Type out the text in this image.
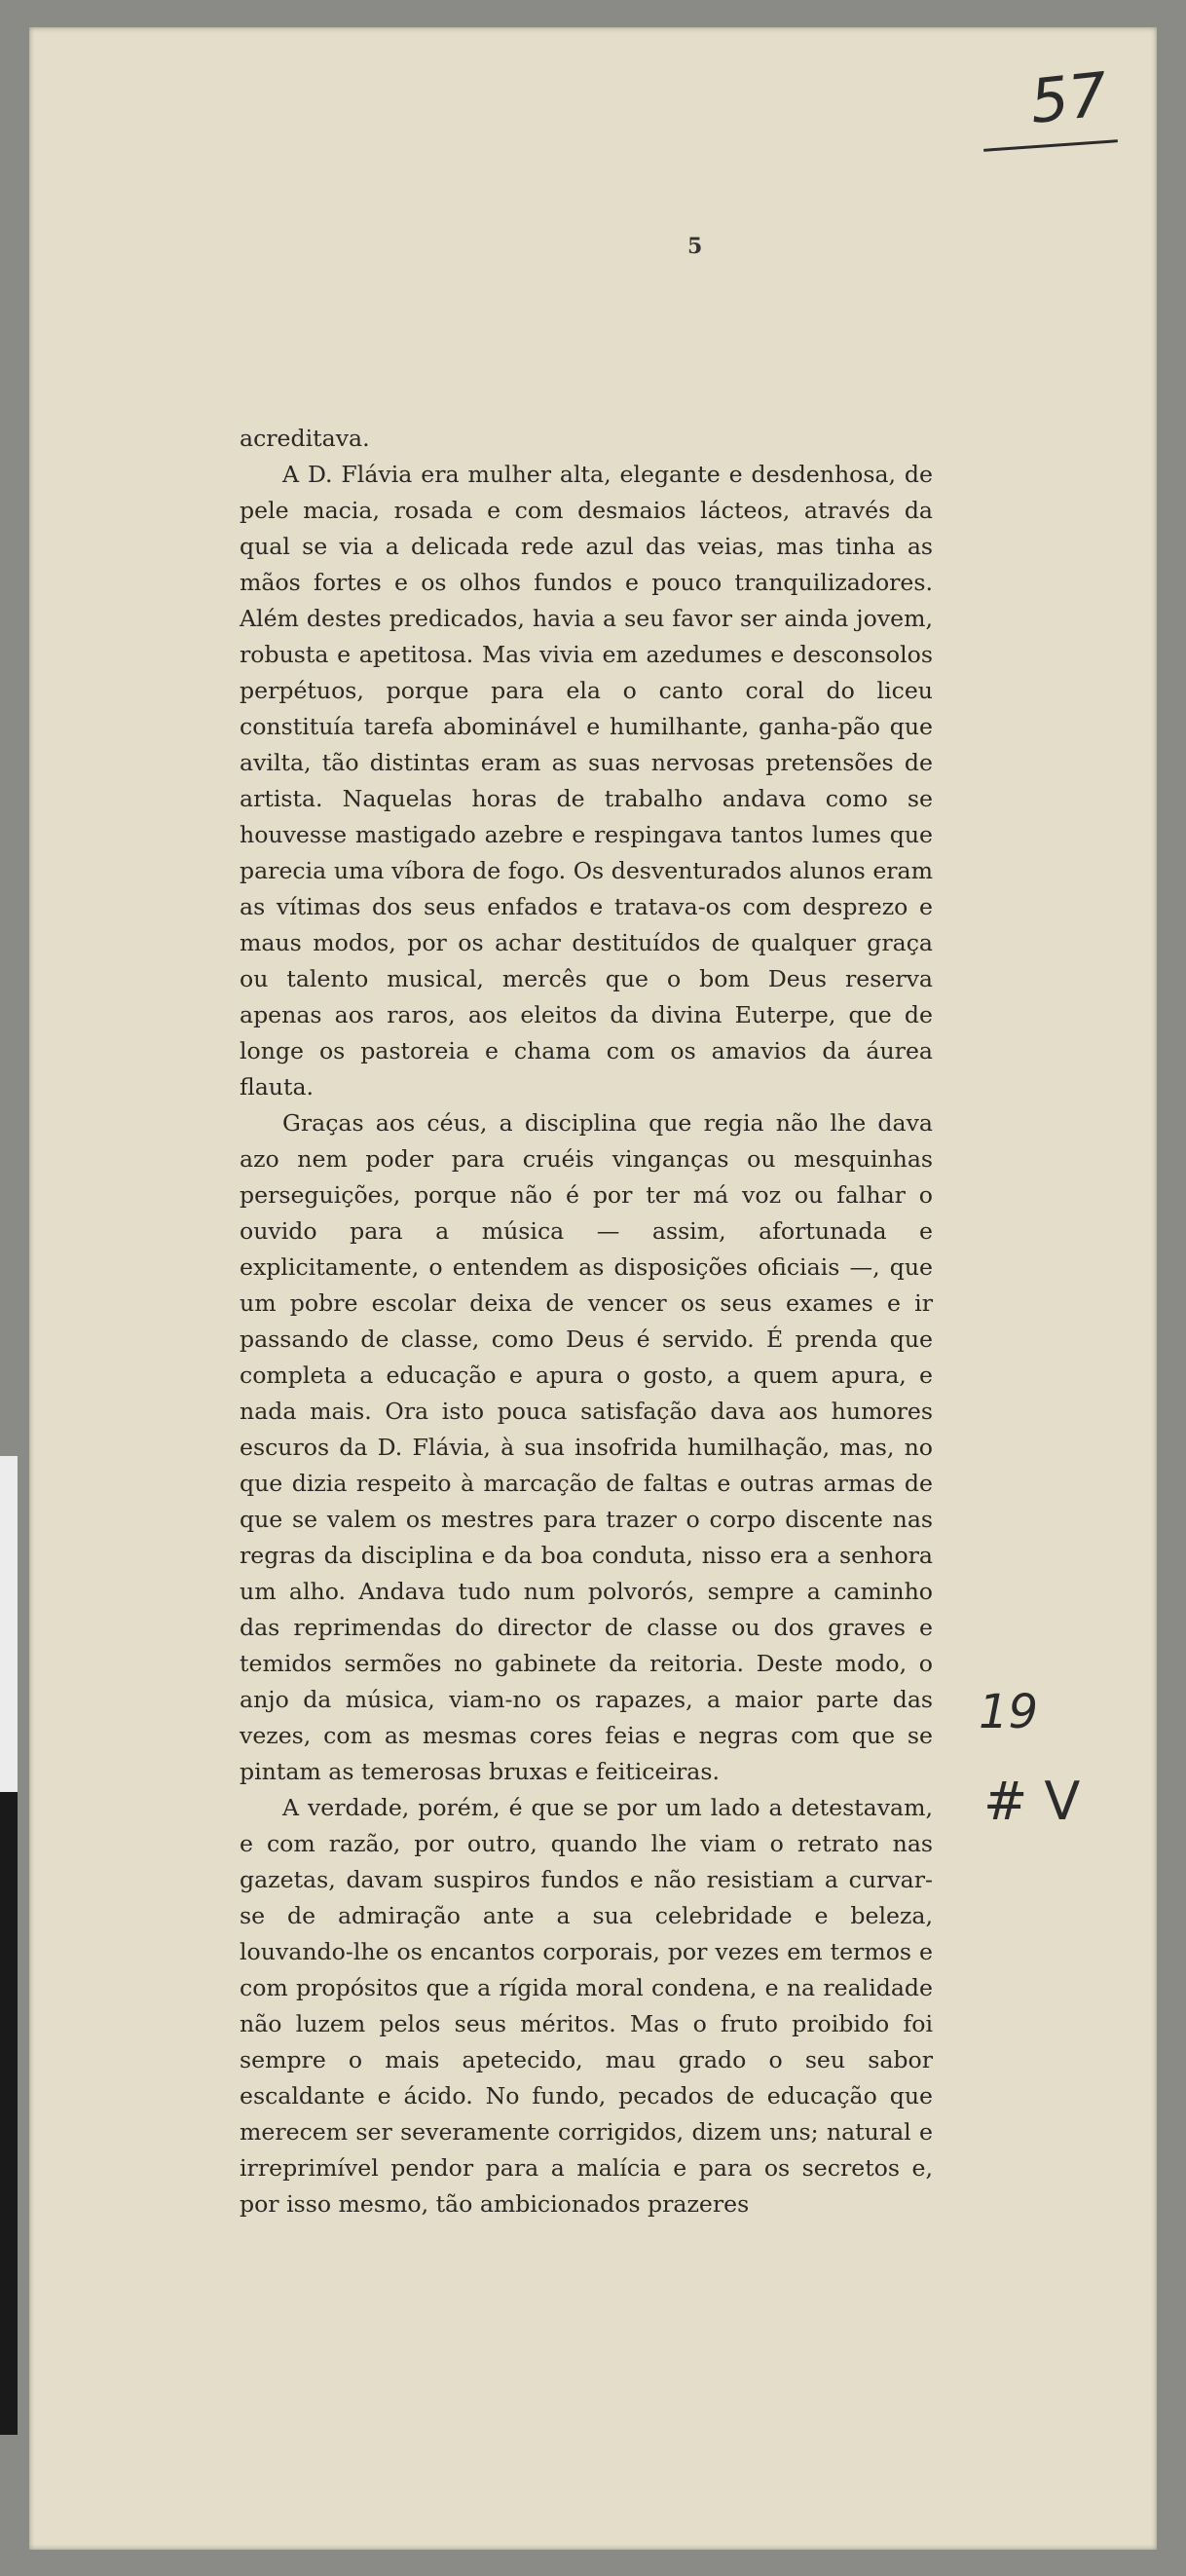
57
5

acreditava.

A D. Flávia era mulher alta, elegante e desdenhosa, de pele macia, rosada e com desmaios lácteos, através da qual se via a delicada rede azul das veias, mas tinha as mãos fortes e os olhos fundos e pouco tranquilizadores. Além destes predicados, havia a seu favor ser ainda jovem, robusta e apetitosa. Mas vivia em azedumes e desconsolos perpétuos, porque para ela o canto coral do liceu constituía tarefa abominável e humilhante, ganha-pão que avilta, tão distintas eram as suas nervosas pretensões de artista. Naquelas horas de trabalho andava como se houvesse mastigado azebre e respingava tantos lumes que parecia uma víbora de fogo. Os desventurados alunos eram as vítimas dos seus enfados e tratava-os com desprezo e maus modos, por os achar destituídos de qualquer graça ou talento musical, mercês que o bom Deus reserva apenas aos raros, aos eleitos da divina Euterpe, que de longe os pastoreia e chama com os amavios da áurea flauta.

Graças aos céus, a disciplina que regia não lhe dava azo nem poder para cruéis vinganças ou mesquinhas perseguições, porque não é por ter má voz ou falhar o ouvido para a música — assim, afortunada e explicitamente, o entendem as disposições oficiais —, que um pobre escolar deixa de vencer os seus exames e ir passando de classe, como Deus é servido. É prenda que completa a educação e apura o gosto, a quem apura, e nada mais. Ora isto pouca satisfação dava aos humores escuros da D. Flávia, à sua insofrida humilhação, mas, no que dizia respeito à marcação de faltas e outras armas de que se valem os mestres para trazer o corpo discente nas regras da disciplina e da boa conduta, nisso era a senhora um alho. Andava tudo num polvorós, sempre a caminho das reprimendas do director de classe ou dos graves e temidos sermões no gabinete da reitoria. Deste modo, o anjo da música, viam-no os rapazes, a maior parte das vezes, com as mesmas cores feias e negras com que se pintam as temerosas bruxas e feiticeiras.

A verdade, porém, é que se por um lado a detestavam, e com razão, por outro, quando lhe viam o retrato nas gazetas, davam suspiros fundos e não resistiam a curvar-se de admiração ante a sua celebridade e beleza, louvando-lhe os encantos corporais, por vezes em termos e com propósitos que a rígida moral condena, e na realidade não luzem pelos seus méritos. Mas o fruto proibido foi sempre o mais apetecido, mau grado o seu sabor escaldante e ácido. No fundo, pecados de educação que merecem ser severamente corrigidos, dizem uns; natural e irreprimível pendor para a malícia e para os secretos e, por isso mesmo, tão ambicionados prazeres

19
# V
